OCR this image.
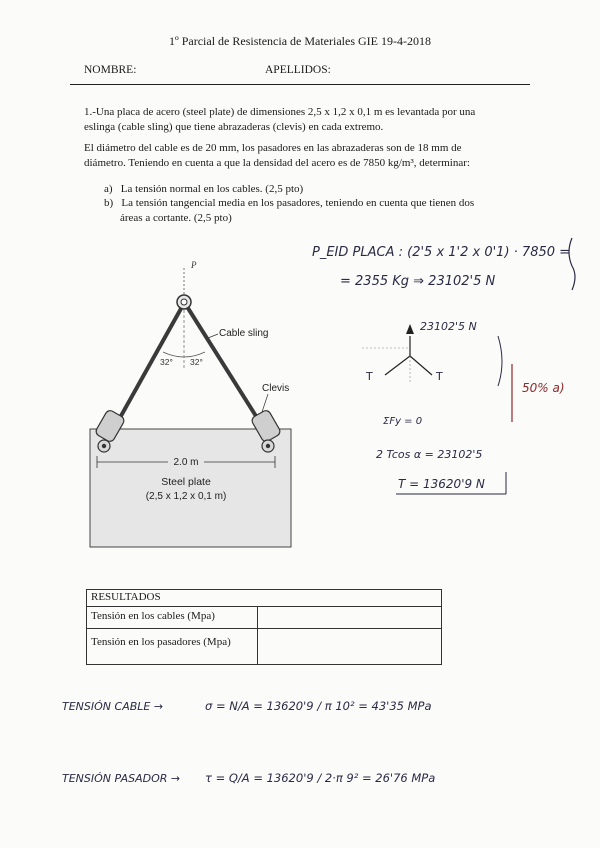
1º Parcial de Resistencia de Materiales GIE 19-4-2018
NOMBRE:	APELLIDOS:
1.-Una placa de acero (steel plate) de dimensiones 2,5 x 1,2 x 0,1 m es levantada por una
eslinga (cable sling) que tiene abrazaderas (clevis) en cada extremo.
El diámetro del cable es de 20 mm, los pasadores en las abrazaderas son de 18 mm de
diámetro. Teniendo en cuenta a que la densidad del acero es de 7850 kg/m³, determinar:
a) La tensión normal en los cables. (2,5 pto)
b) La tensión tangencial media en los pasadores, teniendo en cuenta que tienen dos
áreas a cortante. (2,5 pto)
P
32° 32°
Cable sling
Clevis
2.0 m
Steel plate
(2,5 x 1,2 x 0,1 m)
P_EID PLACA : (2'5 x 1'2 x 0'1) · 7850 =
= 2355 Kg ⇒ 23102'5 N
23102'5 N
T	T
ΣFy = 0
2 Tcos α = 23102'5
T = 13620'9 N
50% a)
TENSIÓN CABLE →	σ = N/A = 13620'9 / π 10² = 43'35 MPa
TENSIÓN PASADOR → τ = Q/A = 13620'9 / 2·π 9² = 26'76 MPa
RESULTADOS
Tensión en los cables (Mpa)
Tensión en los pasadores (Mpa)
